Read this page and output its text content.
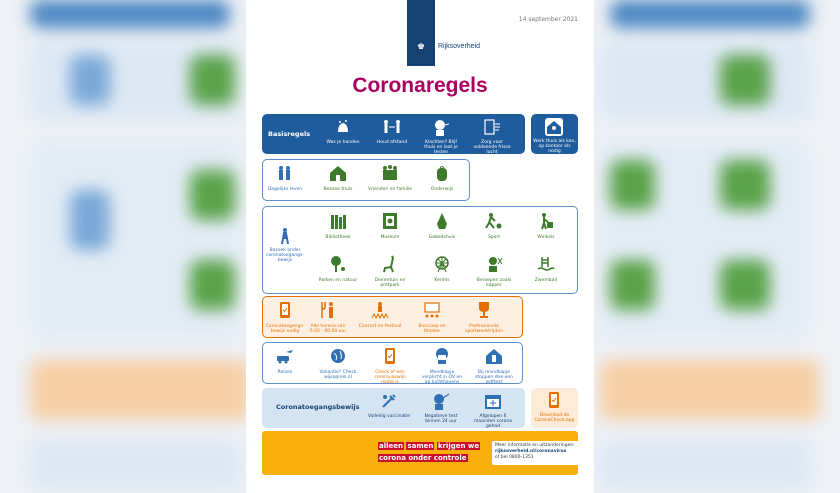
♚ Rijksoverheid
14 september 2021
Coronaregels
Basisregels
Was je handen	Houd afstand	Klachten? Blijf thuis en laat je testen
Zorg voor voldoende frisse lucht
Werk thuis als kan, op kantoor als nodig
Dagelijks leven	Bezoek thuis	Vrienden en familie	Onderwijs
Bezoek onder coronatoegangs-bewijs
Bibliotheek	Museum	Gebedshuis	Sport	Winkels
Parken en natuur	Dierentuin en pretpark
Kermis	Beroepen zoals kapper
Zwembad
Coronatoegangs-bewijs nodig
Alle horeca van 6.00 - 00.00 uur
Concert en festival	Bioscoop en theater
Professionele sportwedstrijden
Reizen	Vakantie? Check wijsopreis.nl
Check of een corona-bewijs nodig is
Mondkapje verplicht in OV en op luchthavens
Bij mondkapje stoppen doe een zelftest
Coronatoegangsbewijs
Volledig vaccinatie	Negatieve test binnen 24 uur
Afgelopen 6 maanden corona gehad
Download de CoronaCheck-app
alleen samen krijgen we
corona onder controle
Meer informatie en uitzonderingen:
rijksoverheid.nl/coronavirus
of bel 0800-1351
